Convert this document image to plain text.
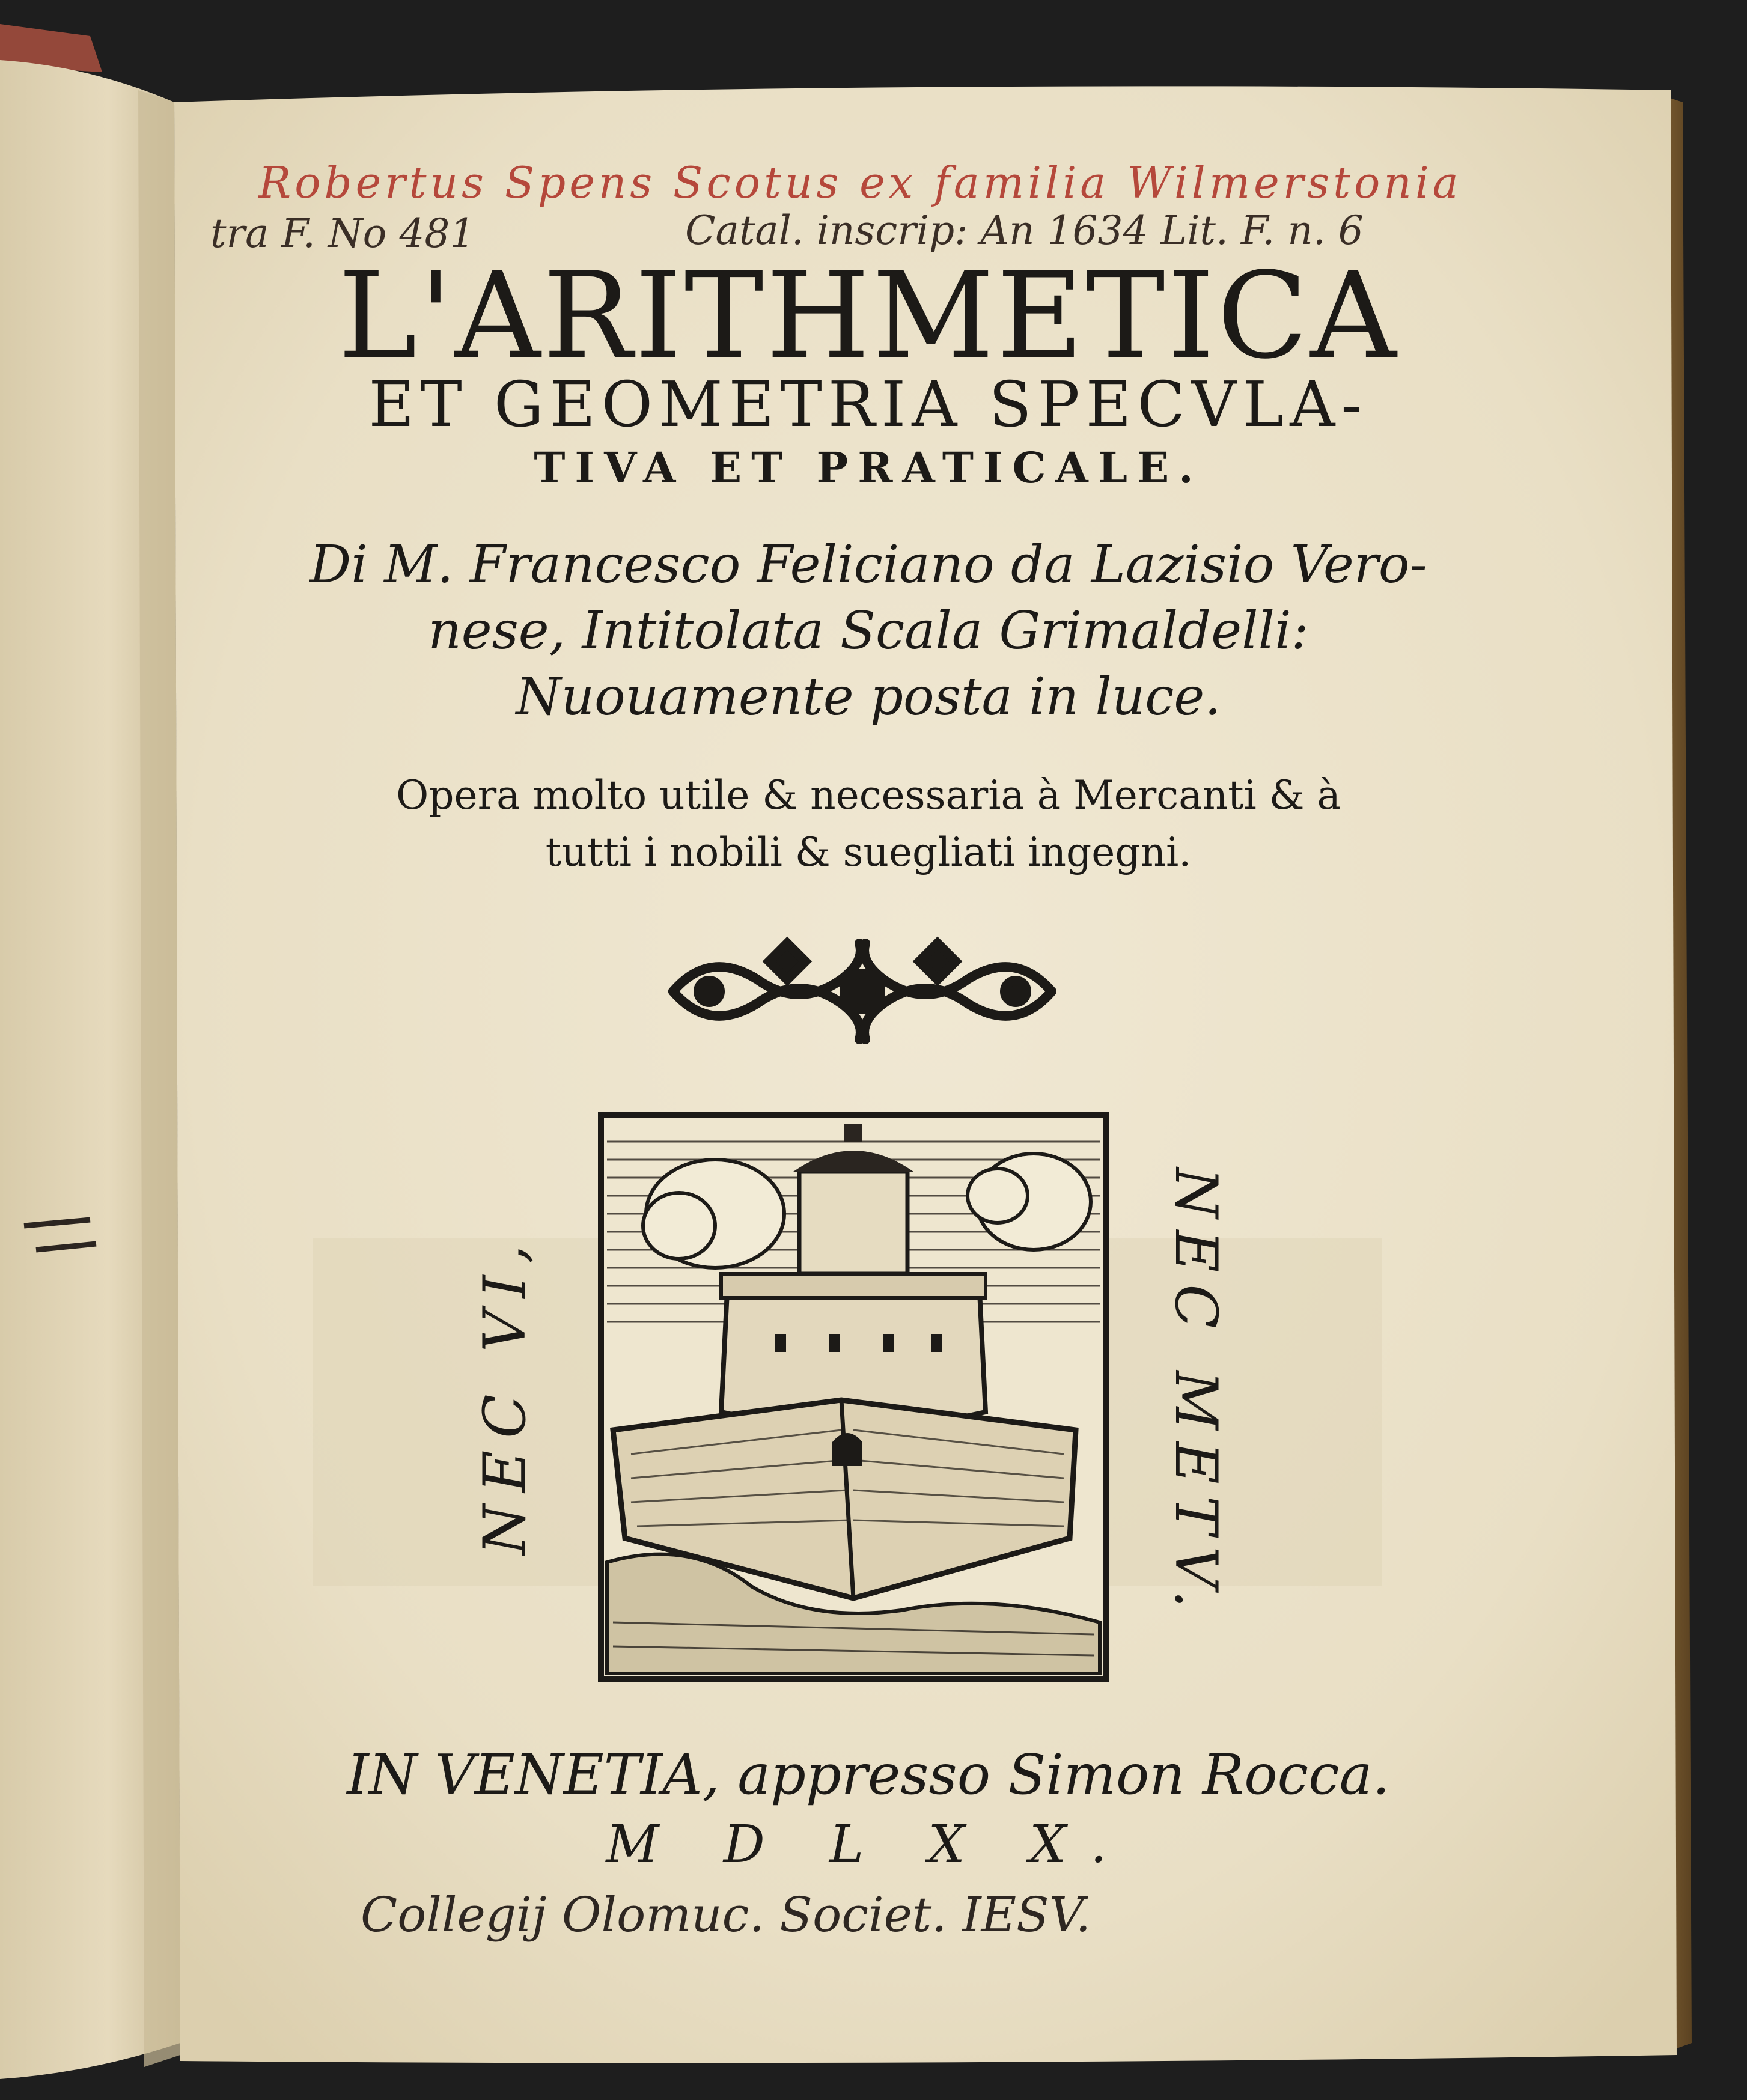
Robertus Spens Scotus ex familia Wilmerstonia
tra F. No 481	Catal. inscrip: An 1634 Lit. F. n. 6
L'ARITHMETICA
ET GEOMETRIA SPECVLA-
TIVA ET PRATICALE.
Di M. Francesco Feliciano da Lazisio Vero-
nese, Intitolata Scala Grimaldelli:
Nuouamente posta in luce.
Opera molto utile & necessaria à Mercanti & à
tutti i nobili & suegliati ingegni.
NEC VI,	NEC METV.
IN VENETIA, appresso Simon Rocca.
M D L X X.
Collegij Olomuc. Societ. IESV.
